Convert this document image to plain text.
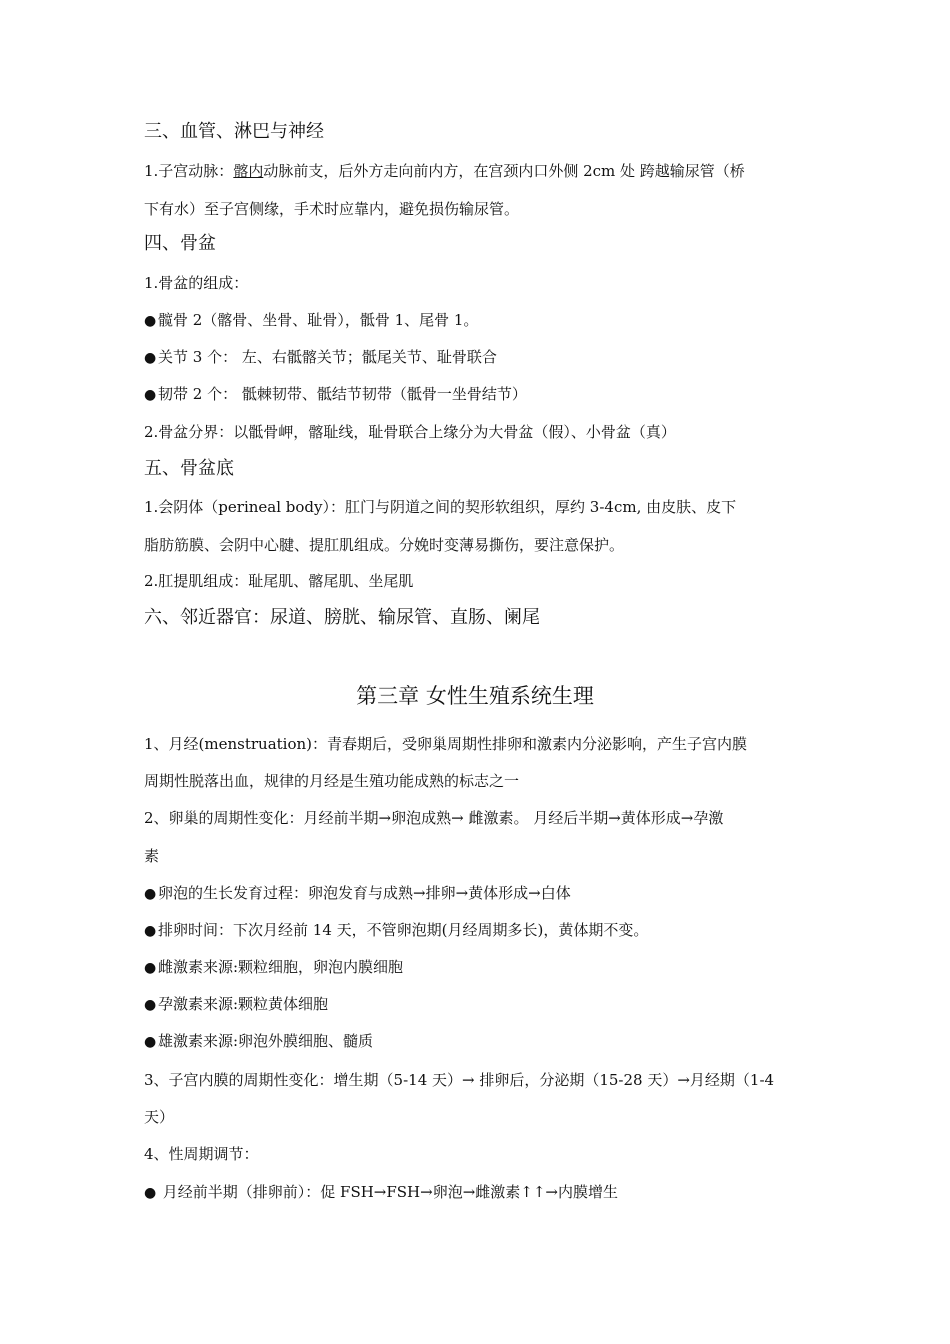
三、血管、淋巴与神经
1.子宫动脉：髂内动脉前支，后外方走向前内方，在宫颈内口外侧 2cm 处 跨越输尿管（桥
下有水）至子宫侧缘，手术时应靠内，避免损伤输尿管。
四、骨盆
1.骨盆的组成：
● 髋骨 2（髂骨、坐骨、耻骨），骶骨 1、尾骨 1。
● 关节 3 个： 左、右骶髂关节；骶尾关节、耻骨联合
● 韧带 2 个： 骶棘韧带、骶结节韧带（骶骨一坐骨结节）
2.骨盆分界：以骶骨岬，髂耻线，耻骨联合上缘分为大骨盆（假）、小骨盆（真）
五、骨盆底
1.会阴体（perineal body）：肛门与阴道之间的契形软组织，厚约 3-4cm, 由皮肤、皮下
脂肪筋膜、会阴中心腱、提肛肌组成。分娩时变薄易撕伤，要注意保护。
2.肛提肌组成：耻尾肌、髂尾肌、坐尾肌
六、邻近器官：尿道、膀胱、输尿管、直肠、阑尾
第三章 女性生殖系统生理
1、月经(menstruation)：青春期后，受卵巢周期性排卵和激素内分泌影响，产生子宫内膜
周期性脱落出血，规律的月经是生殖功能成熟的标志之一
2、卵巢的周期性变化：月经前半期→卵泡成熟→ 雌激素。 月经后半期→黄体形成→孕激
素
● 卵泡的生长发育过程：卵泡发育与成熟→排卵→黄体形成→白体
● 排卵时间：下次月经前 14 天，不管卵泡期(月经周期多长)，黄体期不变。
● 雌激素来源:颗粒细胞，卵泡内膜细胞
● 孕激素来源:颗粒黄体细胞
● 雄激素来源:卵泡外膜细胞、髓质
3、子宫内膜的周期性变化：增生期（5-14 天）→ 排卵后，分泌期（15-28 天）→月经期（1-4
天）
4、性周期调节：
● 月经前半期（排卵前）：促 FSH→FSH→卵泡→雌激素↑↑→内膜增生
